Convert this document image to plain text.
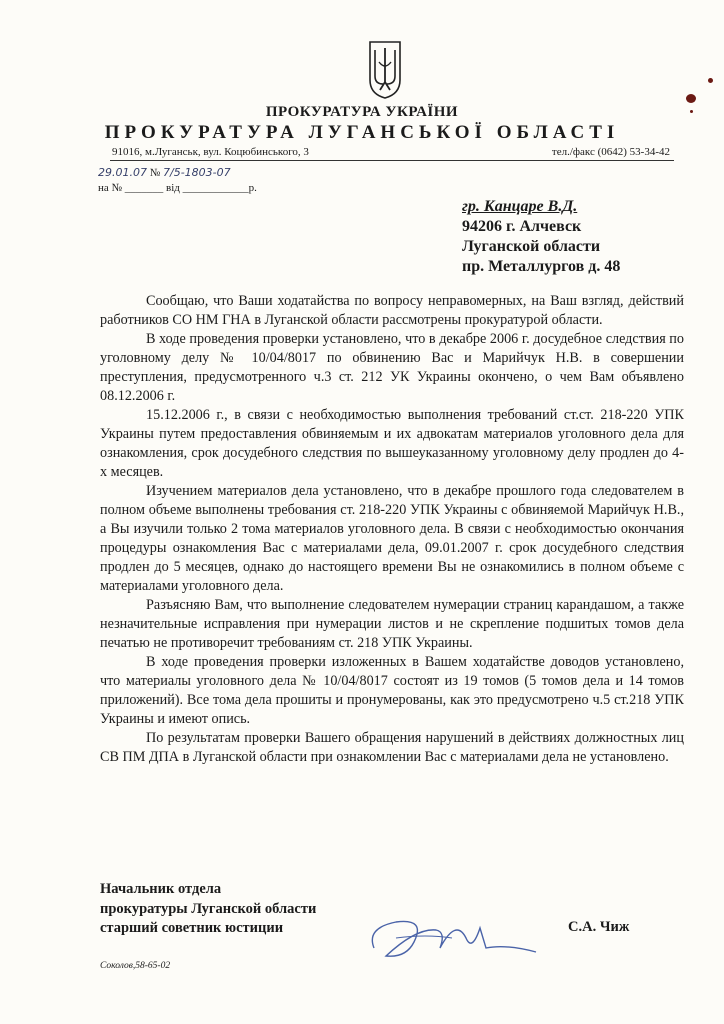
ПРОКУРАТУРА УКРАЇНИ
ПРОКУРАТУРА ЛУГАНСЬКОЇ ОБЛАСТІ
91016, м.Луганськ, вул. Коцюбинського, 3	тел./факс (0642) 53-34-42
29.01.07 № 7/5-1803-07
на № _______ від ____________р.
гр. Канцаре В.Д.
94206 г. Алчевск
Луганской области
пр. Металлургов д. 48

Сообщаю, что Ваши ходатайства по вопросу неправомерных, на Ваш взгляд, действий работников СО НМ ГНА в Луганской области рассмотрены прокуратурой области.

В ходе проведения проверки установлено, что в декабре 2006 г. досудебное следствия по уголовному делу № 10/04/8017 по обвинению Вас и Марийчук Н.В. в совершении преступления, предусмотренного ч.3 ст. 212 УК Украины окончено, о чем Вам объявлено 08.12.2006 г.

15.12.2006 г., в связи с необходимостью выполнения требований ст.ст. 218-220 УПК Украины путем предоставления обвиняемым и их адвокатам материалов уголовного дела для ознакомления, срок досудебного следствия по вышеуказанному уголовному делу продлен до 4-х месяцев.

Изучением материалов дела установлено, что в декабре прошлого года следователем в полном объеме выполнены требования ст. 218-220 УПК Украины с обвиняемой Марийчук Н.В., а Вы изучили только 2 тома материалов уголовного дела. В связи с необходимостью окончания процедуры ознакомления Вас с материалами дела, 09.01.2007 г. срок досудебного следствия продлен до 5 месяцев, однако до настоящего времени Вы не ознакомились в полном объеме с материалами уголовного дела.

Разъясняю Вам, что выполнение следователем нумерации страниц карандашом, а также незначительные исправления при нумерации листов и не скрепление подшитых томов дела печатью не противоречит требованиям ст. 218 УПК Украины.

В ходе проведения проверки изложенных в Вашем ходатайстве доводов установлено, что материалы уголовного дела № 10/04/8017 состоят из 19 томов (5 томов дела и 14 томов приложений). Все тома дела прошиты и пронумерованы, как это предусмотрено ч.5 ст.218 УПК Украины и имеют опись.

По результатам проверки Вашего обращения нарушений в действиях должностных лиц СВ ПМ ДПА в Луганской области при ознакомлении Вас с материалами дела не установлено.

Начальник отдела
прокуратуры Луганской области
старший советник юстиции	С.А. Чиж
Соколов,58-65-02
